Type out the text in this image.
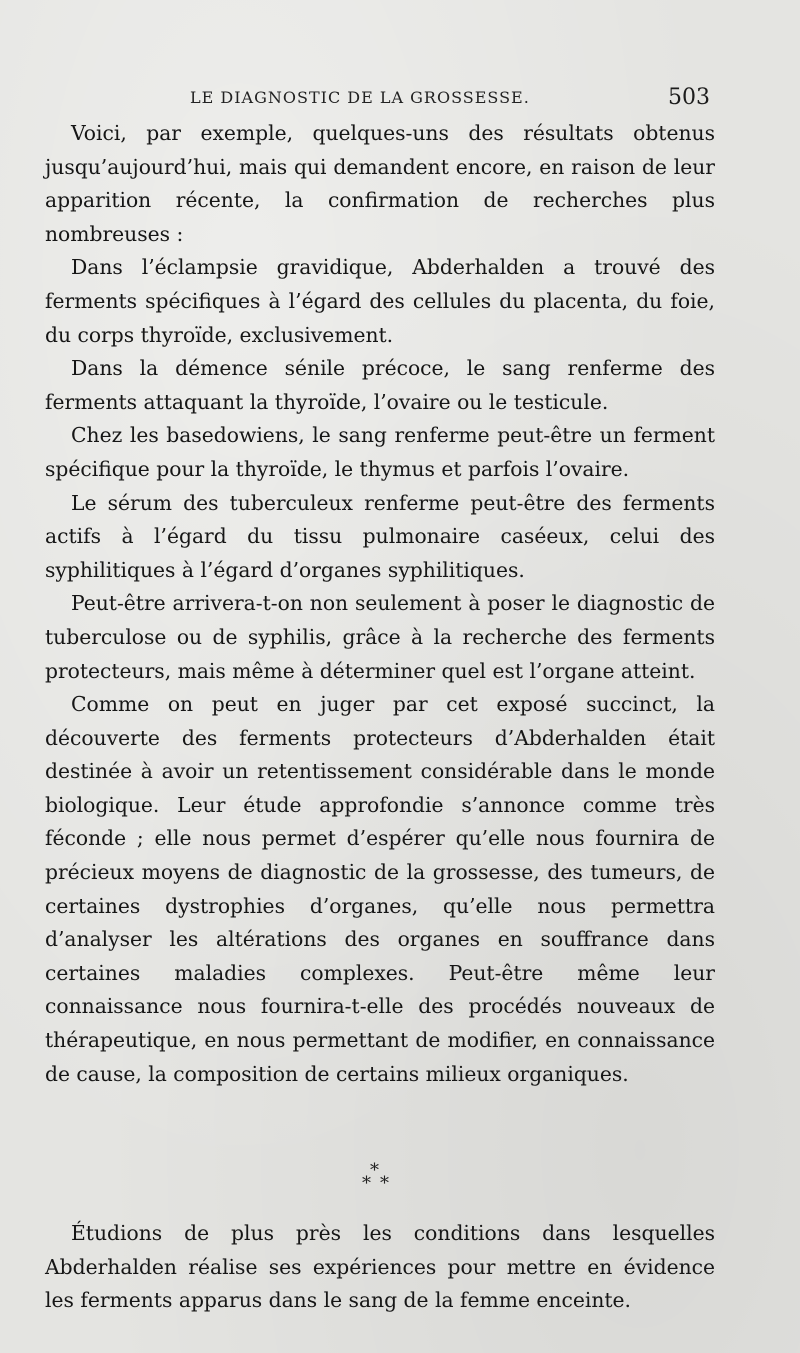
LE DIAGNOSTIC DE LA GROSSESSE.	503

Voici, par exemple, quelques-uns des résultats obtenus jusqu’aujourd’hui, mais qui demandent encore, en raison de leur apparition récente, la confirmation de recherches plus nombreuses :

Dans l’éclampsie gravidique, Abderhalden a trouvé des ferments spécifiques à l’égard des cellules du placenta, du foie, du corps thyroïde, exclusivement.

Dans la démence sénile précoce, le sang renferme des ferments attaquant la thyroïde, l’ovaire ou le testicule.

Chez les basedowiens, le sang renferme peut-être un ferment spécifique pour la thyroïde, le thymus et parfois l’ovaire.

Le sérum des tuberculeux renferme peut-être des ferments actifs à l’égard du tissu pulmonaire caséeux, celui des syphilitiques à l’égard d’organes syphilitiques.

Peut-être arrivera-t-on non seulement à poser le diagnostic de tuberculose ou de syphilis, grâce à la recherche des ferments protecteurs, mais même à déterminer quel est l’organe atteint.

Comme on peut en juger par cet exposé succinct, la découverte des ferments protecteurs d’Abderhalden était destinée à avoir un retentissement considérable dans le monde biologique. Leur étude approfondie s’annonce comme très féconde ; elle nous permet d’espérer qu’elle nous fournira de précieux moyens de diagnostic de la grossesse, des tumeurs, de certaines dystrophies d’organes, qu’elle nous permettra d’analyser les altérations des organes en souffrance dans certaines maladies complexes. Peut-être même leur connaissance nous fournira-t-elle des procédés nouveaux de thérapeutique, en nous permettant de modifier, en connaissance de cause, la composition de certains milieux organiques.

*
* *

Étudions de plus près les conditions dans lesquelles Abderhalden réalise ses expériences pour mettre en évidence les ferments apparus dans le sang de la femme enceinte.
